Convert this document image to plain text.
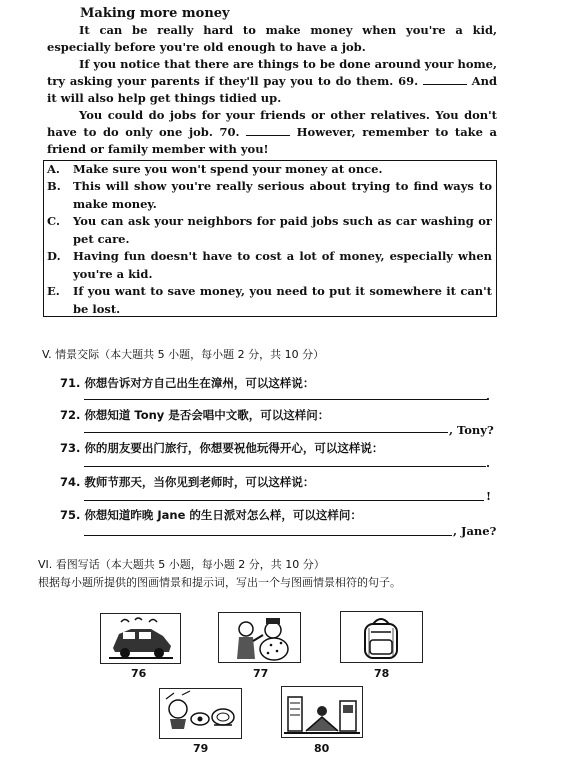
Making more money
It can be really hard to make money when you're a kid, especially before you're old enough to have a job.
If you notice that there are things to be done around your home, try asking your parents if they'll pay you to do them. 69.	And it will also help get things tidied up.
You could do jobs for your friends or other relatives. You don't have to do only one job. 70.	However, remember to take a friend or family member with you!
A. Make sure you won't spend your money at once.
B. This will show you're really serious about trying to find ways to make money.
C. You can ask your neighbors for paid jobs such as car washing or pet care.
D. Having fun doesn't have to cost a lot of money, especially when you're a kid.
E. If you want to save money, you need to put it somewhere it can't be lost.
V. 情景交际（本大题共 5 小题，每小题 2 分，共 10 分）
71. 你想告诉对方自己出生在漳州，可以这样说：
.
72. 你想知道 Tony 是否会唱中文歌，可以这样问：
, Tony?
73. 你的朋友要出门旅行，你想要祝他玩得开心，可以这样说：
.
74. 教师节那天，当你见到老师时，可以这样说：
!
75. 你想知道昨晚 Jane 的生日派对怎么样，可以这样问：
, Jane?
VI. 看图写话（本大题共 5 小题，每小题 2 分，共 10 分）
根据每小题所提供的图画情景和提示词，写出一个与图画情景相符的句子。
76	77	78
79	80
